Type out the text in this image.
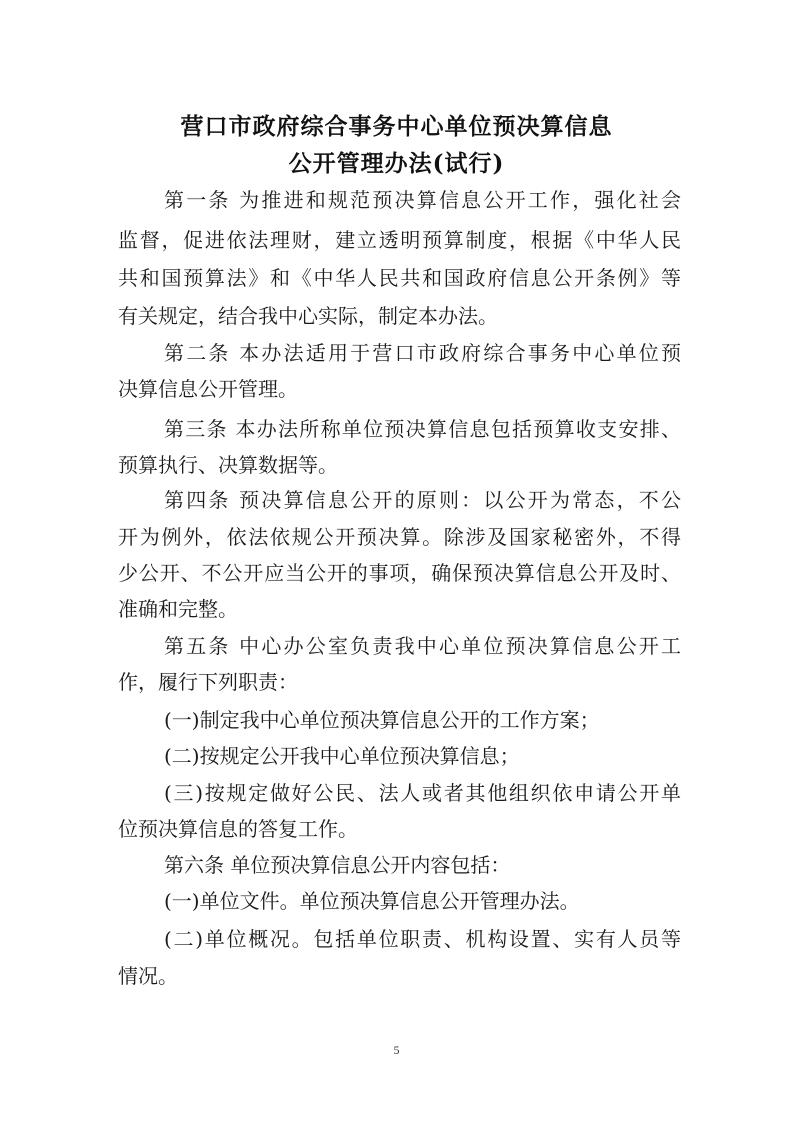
营口市政府综合事务中心单位预决算信息
公开管理办法(试行)
第一条 为推进和规范预决算信息公开工作，强化社会
监督，促进依法理财，建立透明预算制度，根据《中华人民
共和国预算法》和《中华人民共和国政府信息公开条例》等
有关规定，结合我中心实际，制定本办法。
第二条 本办法适用于营口市政府综合事务中心单位预
决算信息公开管理。
第三条 本办法所称单位预决算信息包括预算收支安排、
预算执行、决算数据等。
第四条 预决算信息公开的原则：以公开为常态，不公
开为例外，依法依规公开预决算。除涉及国家秘密外，不得
少公开、不公开应当公开的事项，确保预决算信息公开及时、
准确和完整。
第五条 中心办公室负责我中心单位预决算信息公开工
作，履行下列职责：
(一)制定我中心单位预决算信息公开的工作方案；
(二)按规定公开我中心单位预决算信息；
(三)按规定做好公民、法人或者其他组织依申请公开单
位预决算信息的答复工作。
第六条 单位预决算信息公开内容包括：
(一)单位文件。单位预决算信息公开管理办法。
(二)单位概况。包括单位职责、机构设置、实有人员等
情况。
5
